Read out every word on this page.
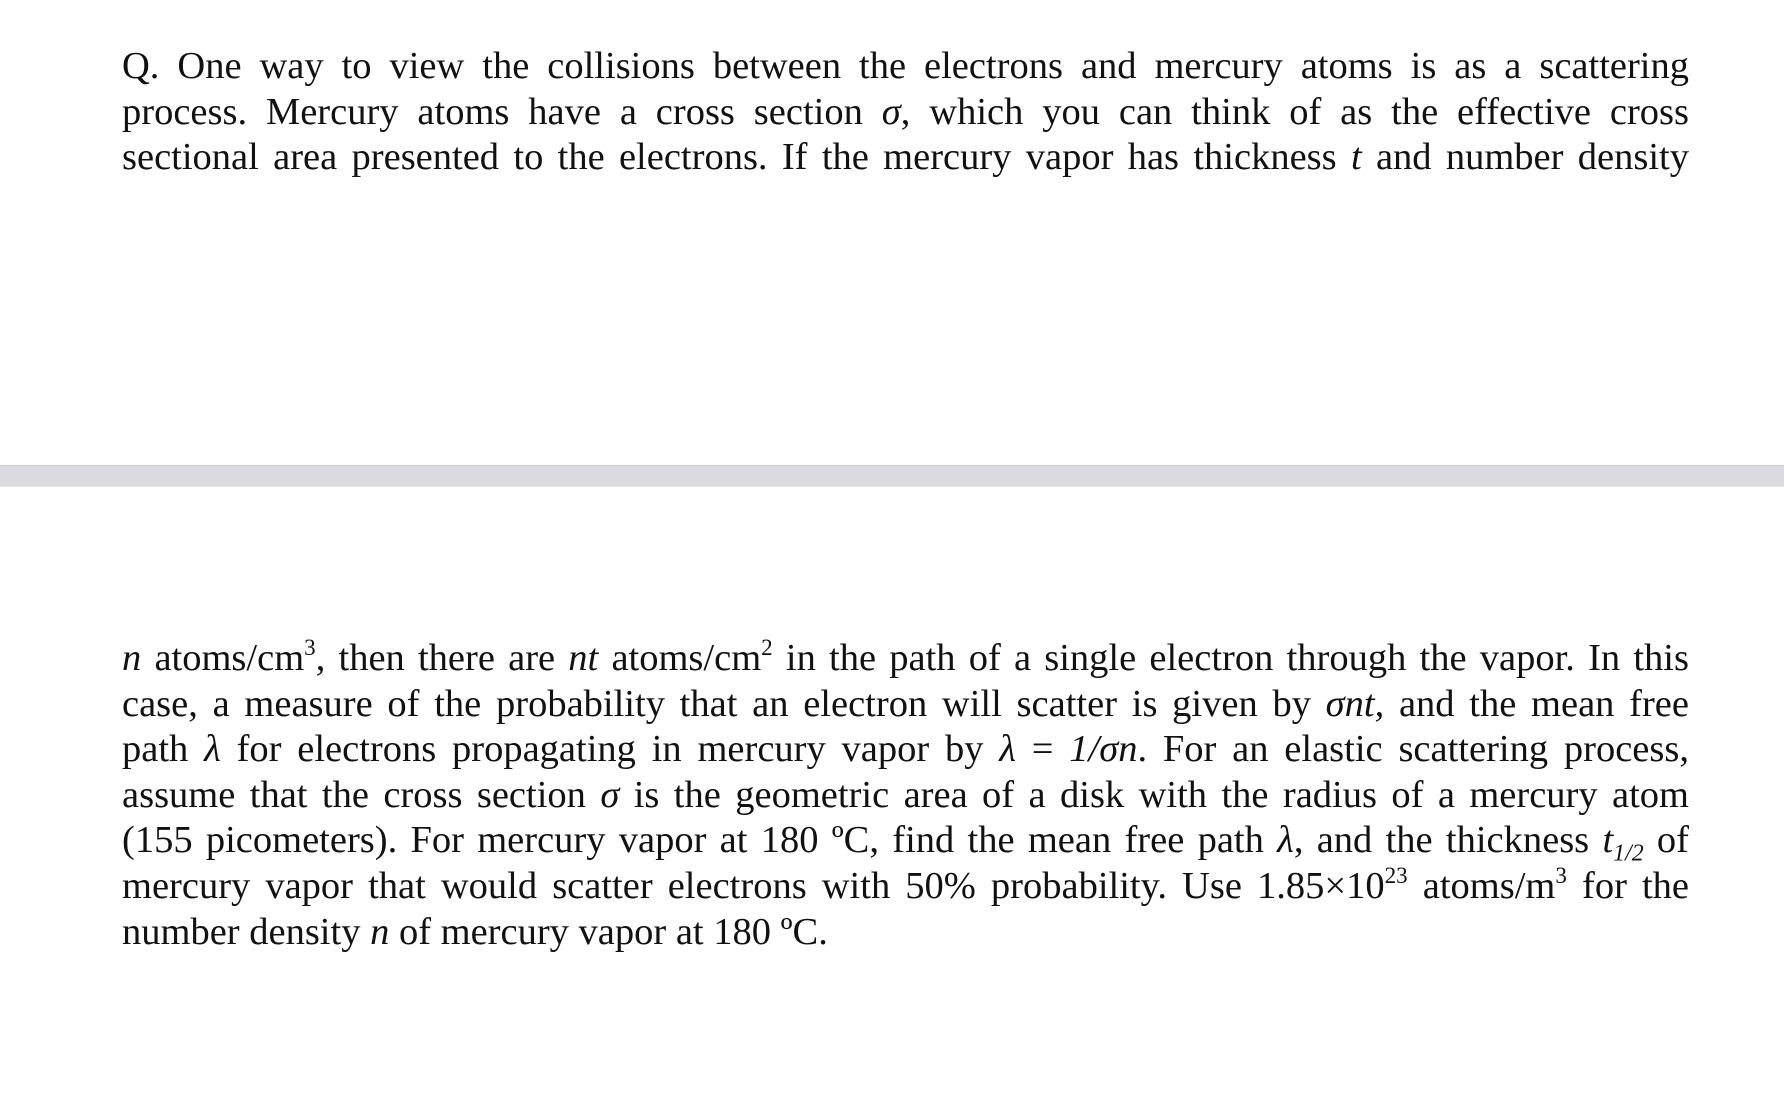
Q. One way to view the collisions between the electrons and mercury atoms is as a scattering
process. Mercury atoms have a cross section σ, which you can think of as the effective cross
sectional area presented to the electrons. If the mercury vapor has thickness t and number density

n atoms/$cm^3$, then there are nt atoms/$cm^2$ in the path of a single electron through the vapor. In this
case, a measure of the probability that an electron will scatter is given by σnt, and the mean free
path λ for electrons propagating in mercury vapor by λ = 1/σn. For an elastic scattering process,
assume that the cross section σ is the geometric area of a disk with the radius of a mercury atom
(155 picometers). For mercury vapor at 180 ºC, find the mean free path λ, and the thickness $t_{1/2}$ of
mercury vapor that would scatter electrons with 50% probability. Use $1.85\times 10^{23}$ atoms/$m^3$ for the
number density n of mercury vapor at 180 ºC.
